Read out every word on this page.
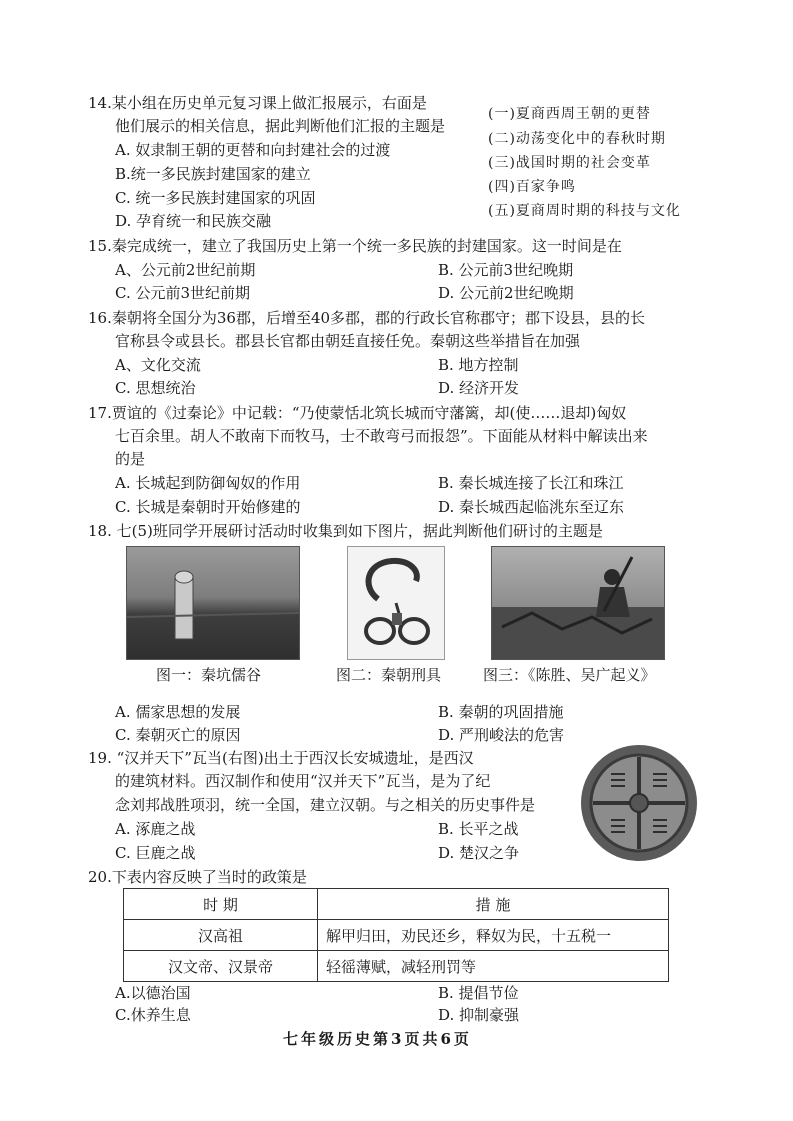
14.某小组在历史单元复习课上做汇报展示，右面是
他们展示的相关信息，据此判断他们汇报的主题是
A. 奴隶制王朝的更替和向封建社会的过渡
B.统一多民族封建国家的建立
C. 统一多民族封建国家的巩固
D. 孕育统一和民族交融
(一)夏商西周王朝的更替
(二)动荡变化中的春秋时期
(三)战国时期的社会变革
(四)百家争鸣
(五)夏商周时期的科技与文化
15.秦完成统一，建立了我国历史上第一个统一多民族的封建国家。这一时间是在
A、公元前2世纪前期	B. 公元前3世纪晚期
C. 公元前3世纪前期	D. 公元前2世纪晚期
16.秦朝将全国分为36郡，后增至40多郡，郡的行政长官称郡守；郡下设县，县的长
官称县令或县长。郡县长官都由朝廷直接任免。秦朝这些举措旨在加强
A、文化交流	B. 地方控制
C. 思想统治	D. 经济开发
17.贾谊的《过秦论》中记载：“乃使蒙恬北筑长城而守藩篱，却(使……退却)匈奴
七百余里。胡人不敢南下而牧马，士不敢弯弓而报怨”。下面能从材料中解读出来
的是
A. 长城起到防御匈奴的作用	B. 秦长城连接了长江和珠江
C. 长城是秦朝时开始修建的	D. 秦长城西起临洮东至辽东
18. 七(5)班同学开展研讨活动时收集到如下图片，据此判断他们研讨的主题是
图一：秦坑儒谷	图二：秦朝刑具	图三：《陈胜、吴广起义》
A. 儒家思想的发展	B. 秦朝的巩固措施
C. 秦朝灭亡的原因	D. 严刑峻法的危害
19. “汉并天下”瓦当(右图)出土于西汉长安城遗址，是西汉
的建筑材料。西汉制作和使用“汉并天下”瓦当，是为了纪
念刘邦战胜项羽，统一全国，建立汉朝。与之相关的历史事件是
A. 涿鹿之战	B. 长平之战
C. 巨鹿之战	D. 楚汉之争
20.下表内容反映了当时的政策是
时 期	措 施
汉高祖	解甲归田，劝民还乡，释奴为民，十五税一
汉文帝、汉景帝	轻徭薄赋，减轻刑罚等
A.以德治国	B. 提倡节俭
C.休养生息	D. 抑制豪强
七年级历史第3页共6页
